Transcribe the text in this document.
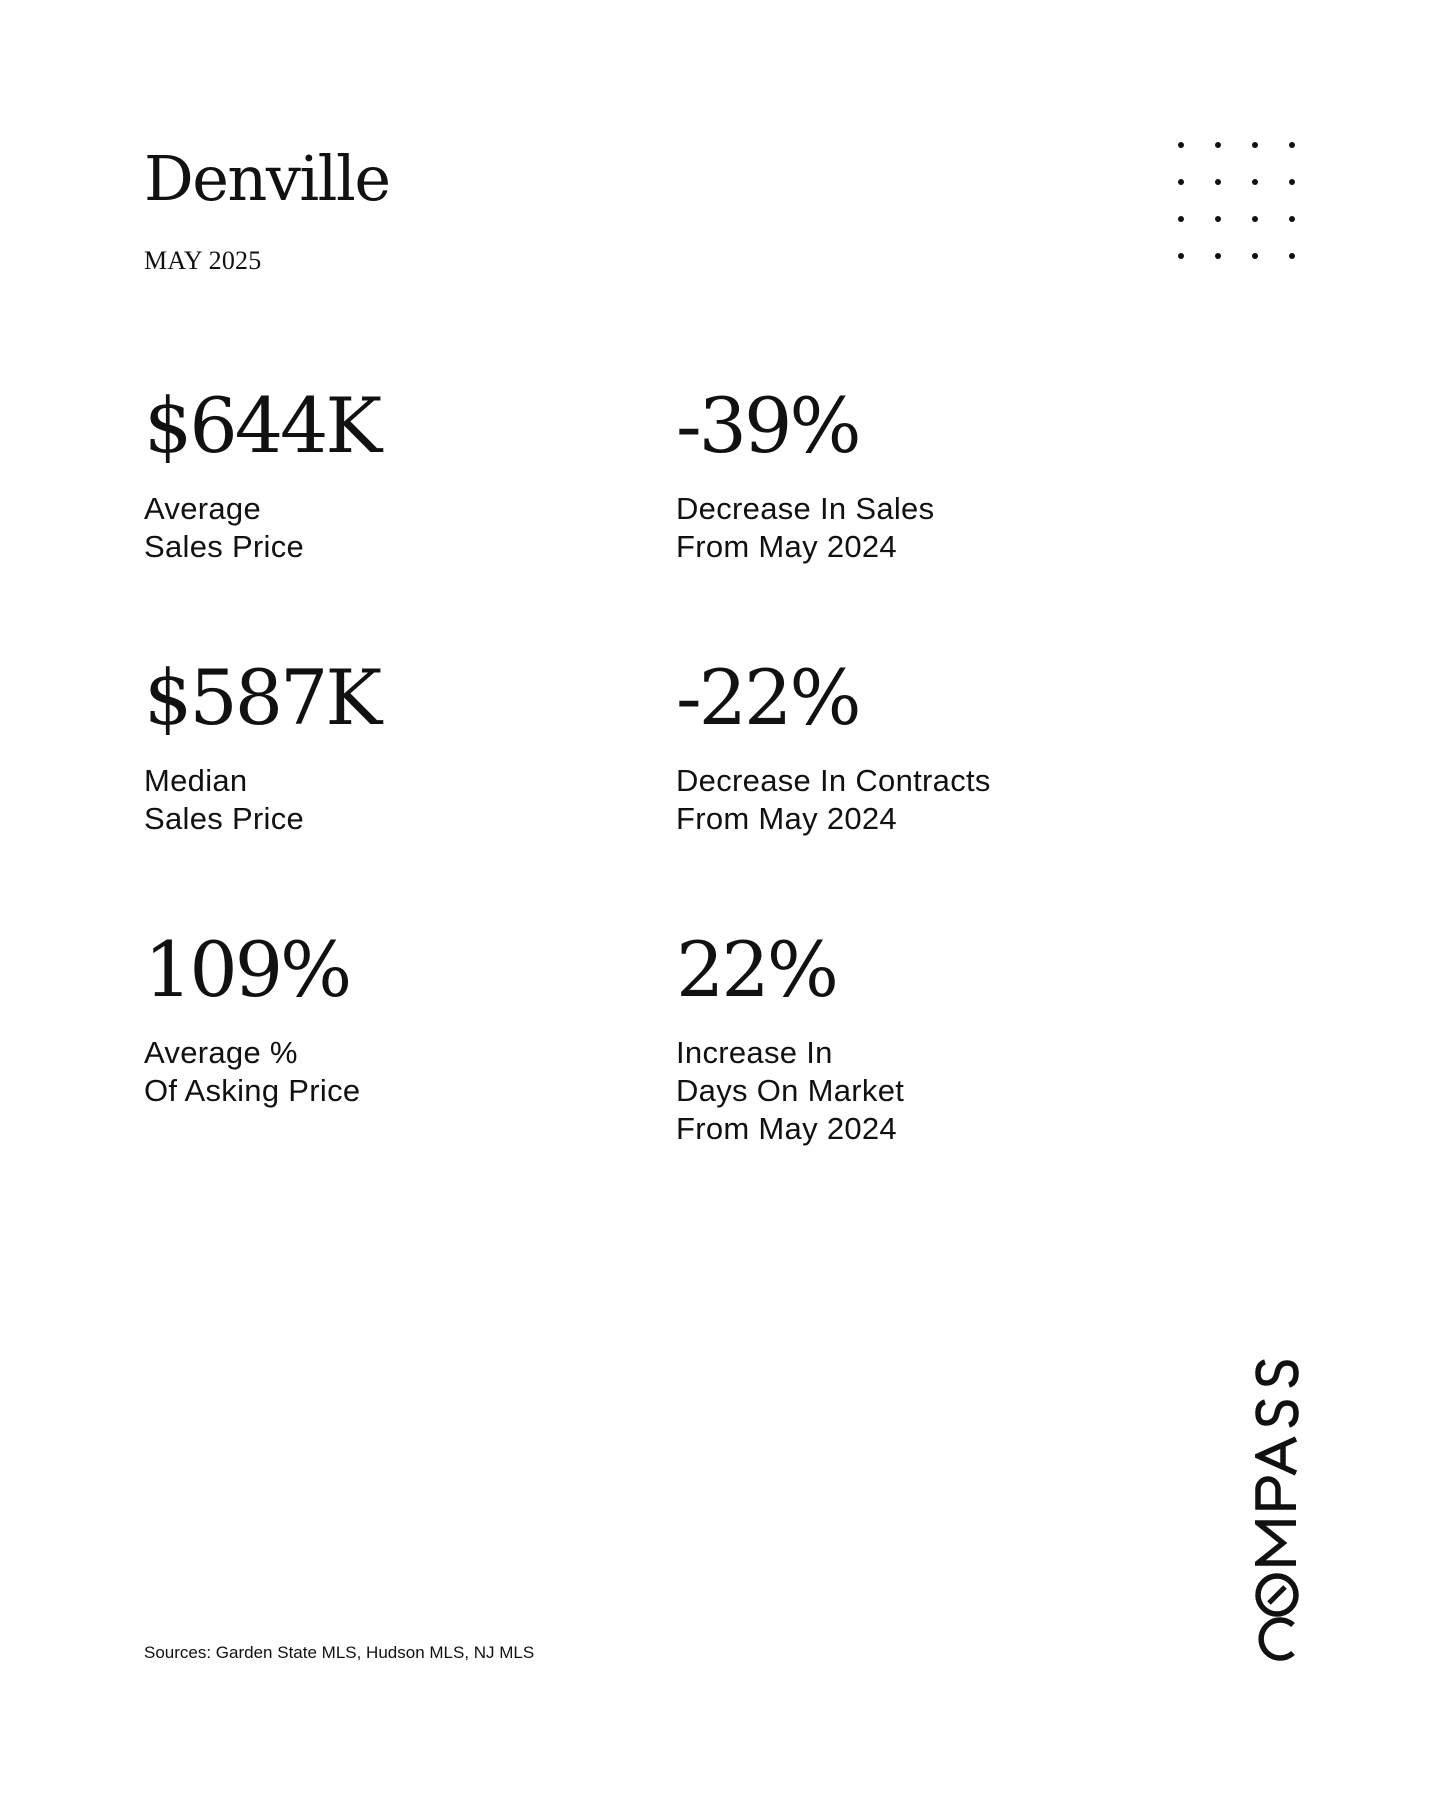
Denville
MAY 2025
$644K
Average
Sales Price
-39%
Decrease In Sales
From May 2024
$587K
Median
Sales Price
-22%
Decrease In Contracts
From May 2024
109%
Average %
Of Asking Price
22%
Increase In
Days On Market
From May 2024
Sources: Garden State MLS, Hudson MLS, NJ MLS
